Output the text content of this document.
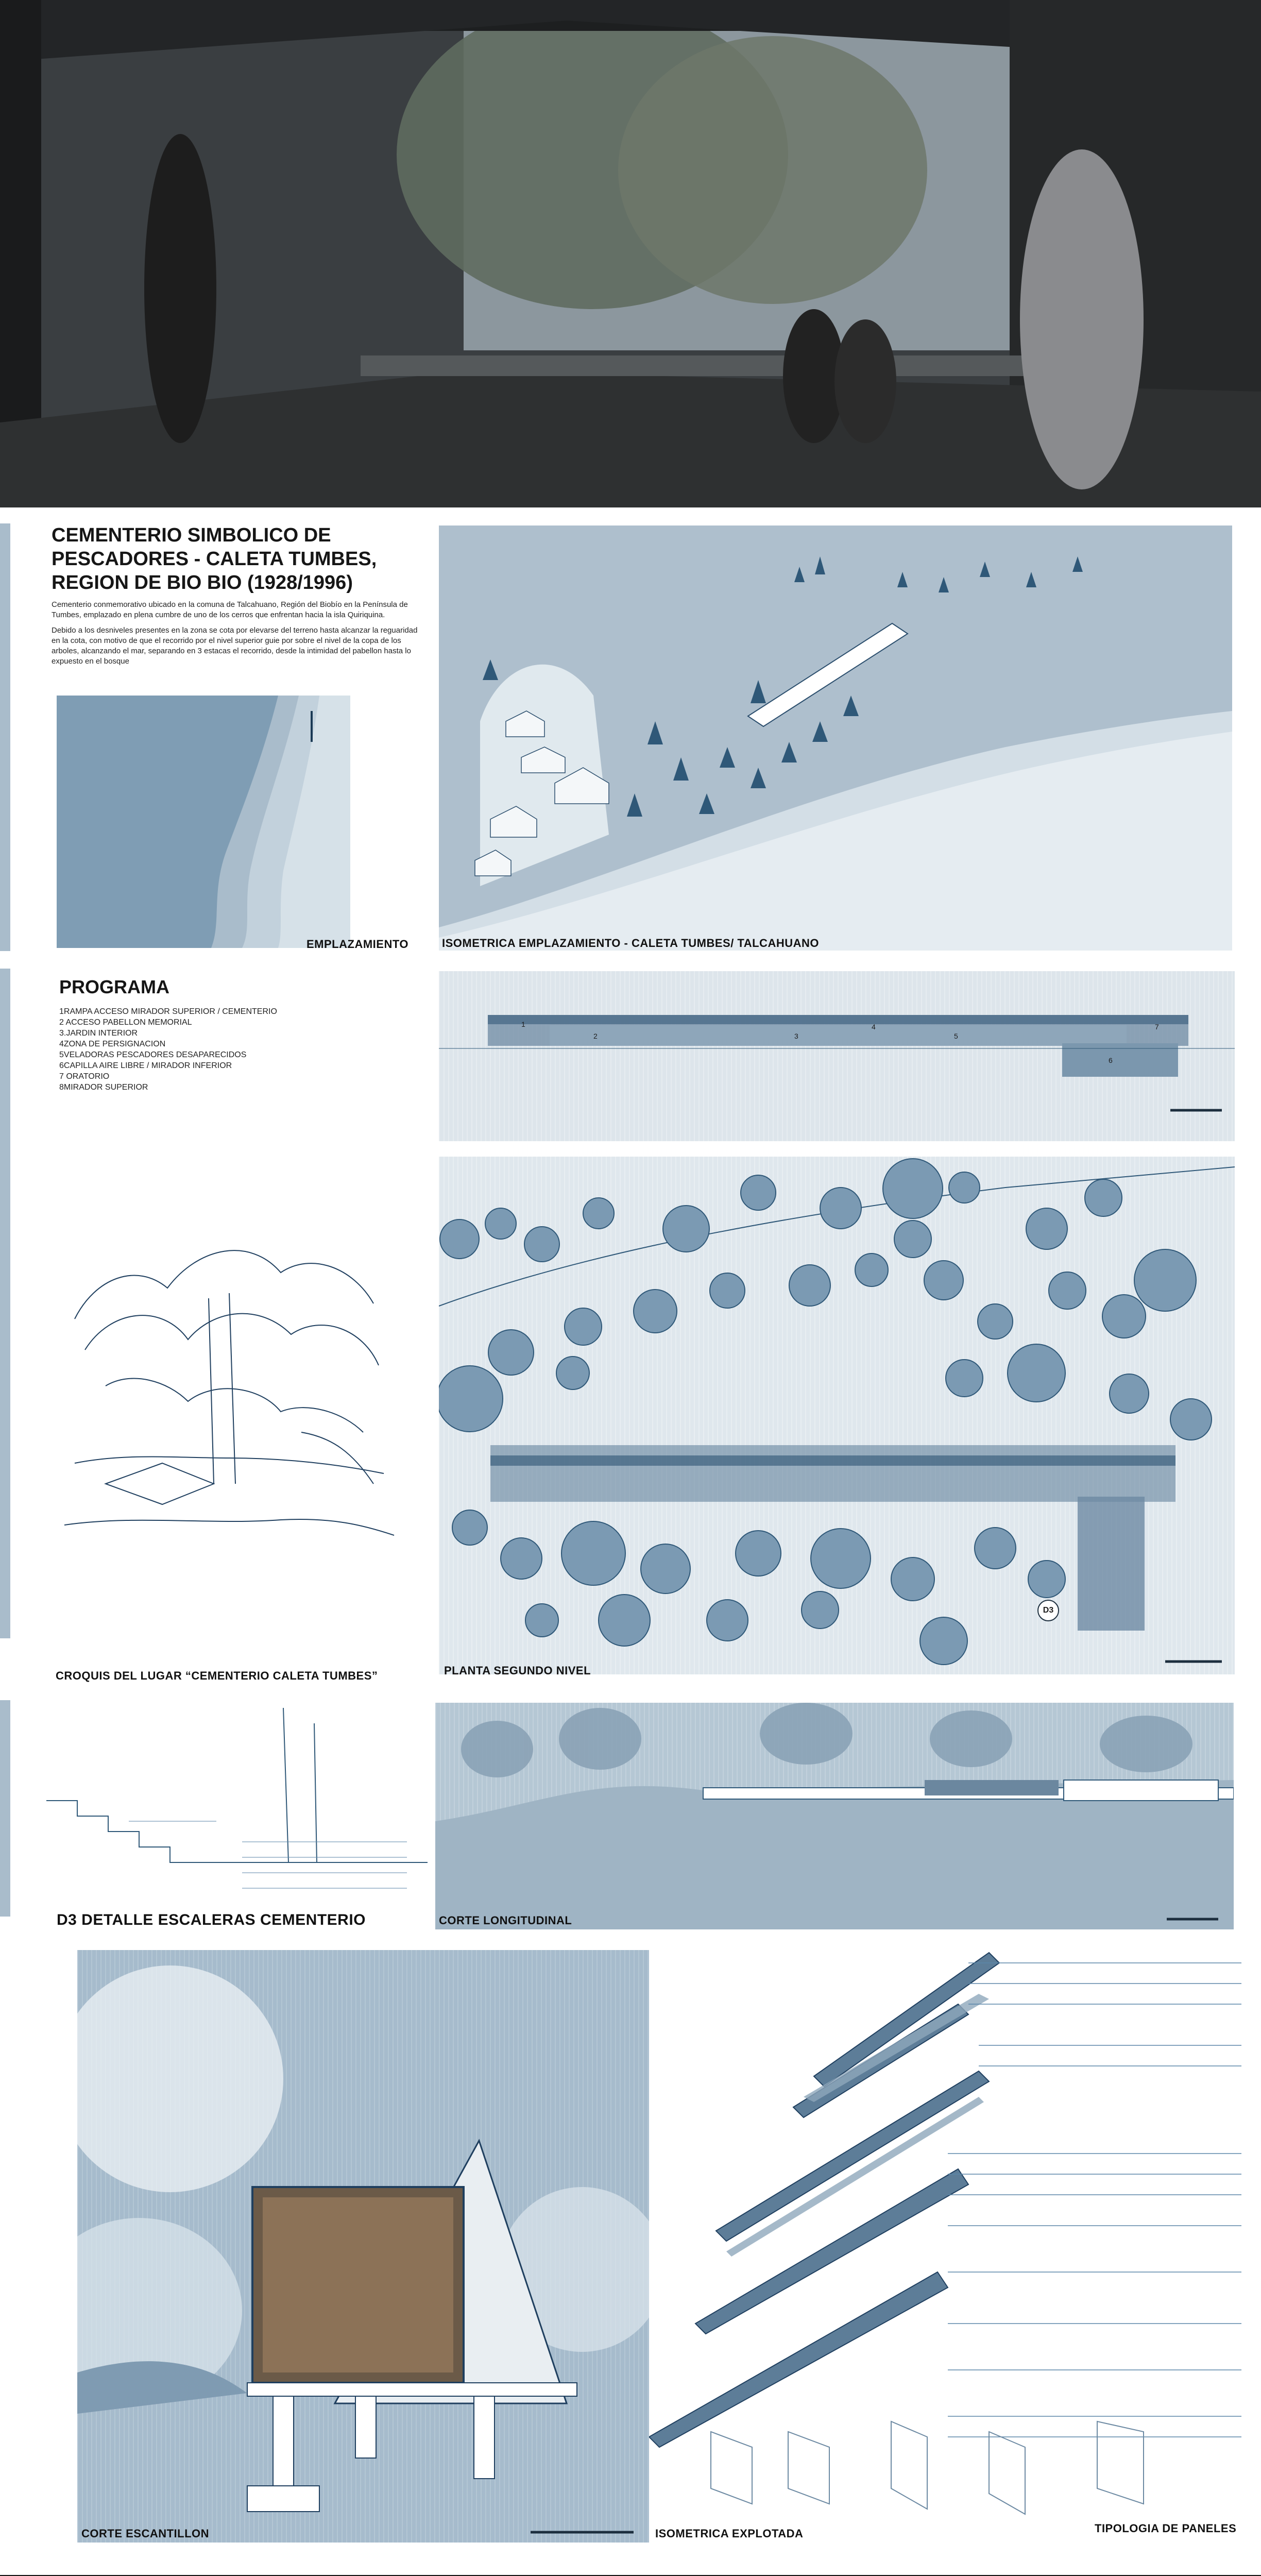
CEMENTERIO SIMBOLICO DE PESCADORES - CALETA TUMBES, REGION DE BIO BIO (1928/1996)

Cementerio conmemorativo ubicado en la comuna de Talcahuano, Región del Biobío en la Península de Tumbes, emplazado en plena cumbre de uno de los cerros que enfrentan hacia la isla Quiriquina.

Debido a los desniveles presentes en la zona se cota por elevarse del terreno hasta alcanzar la reguaridad en la cota, con motivo de que el recorrido por el nivel superior guie por sobre el nivel de la copa de los arboles, alcanzando el mar, separando en 3 estacas el recorrido, desde la intimidad del pabellon hasta lo expuesto en el bosque

EMPLAZAMIENTO	ISOMETRICA EMPLAZAMIENTO - CALETA TUMBES/ TALCAHUANO
PROGRAMA
1RAMPA ACCESO MIRADOR SUPERIOR / CEMENTERIO
2 ACCESO PABELLON MEMORIAL
3.JARDIN INTERIOR
4ZONA DE PERSIGNACION
5VELADORAS PESCADORES DESAPARECIDOS
6CAPILLA AIRE LIBRE / MIRADOR INFERIOR
7 ORATORIO
8MIRADOR SUPERIOR
1
2	3
4
5
6
7
CROQUIS DEL LUGAR “CEMENTERIO CALETA TUMBES”
D3
PLANTA SEGUNDO NIVEL
D3 DETALLE ESCALERAS CEMENTERIO	CORTE LONGITUDINAL
CORTE ESCANTILLON	ISOMETRICA EXPLOTADA	TIPOLOGIA DE PANELES
